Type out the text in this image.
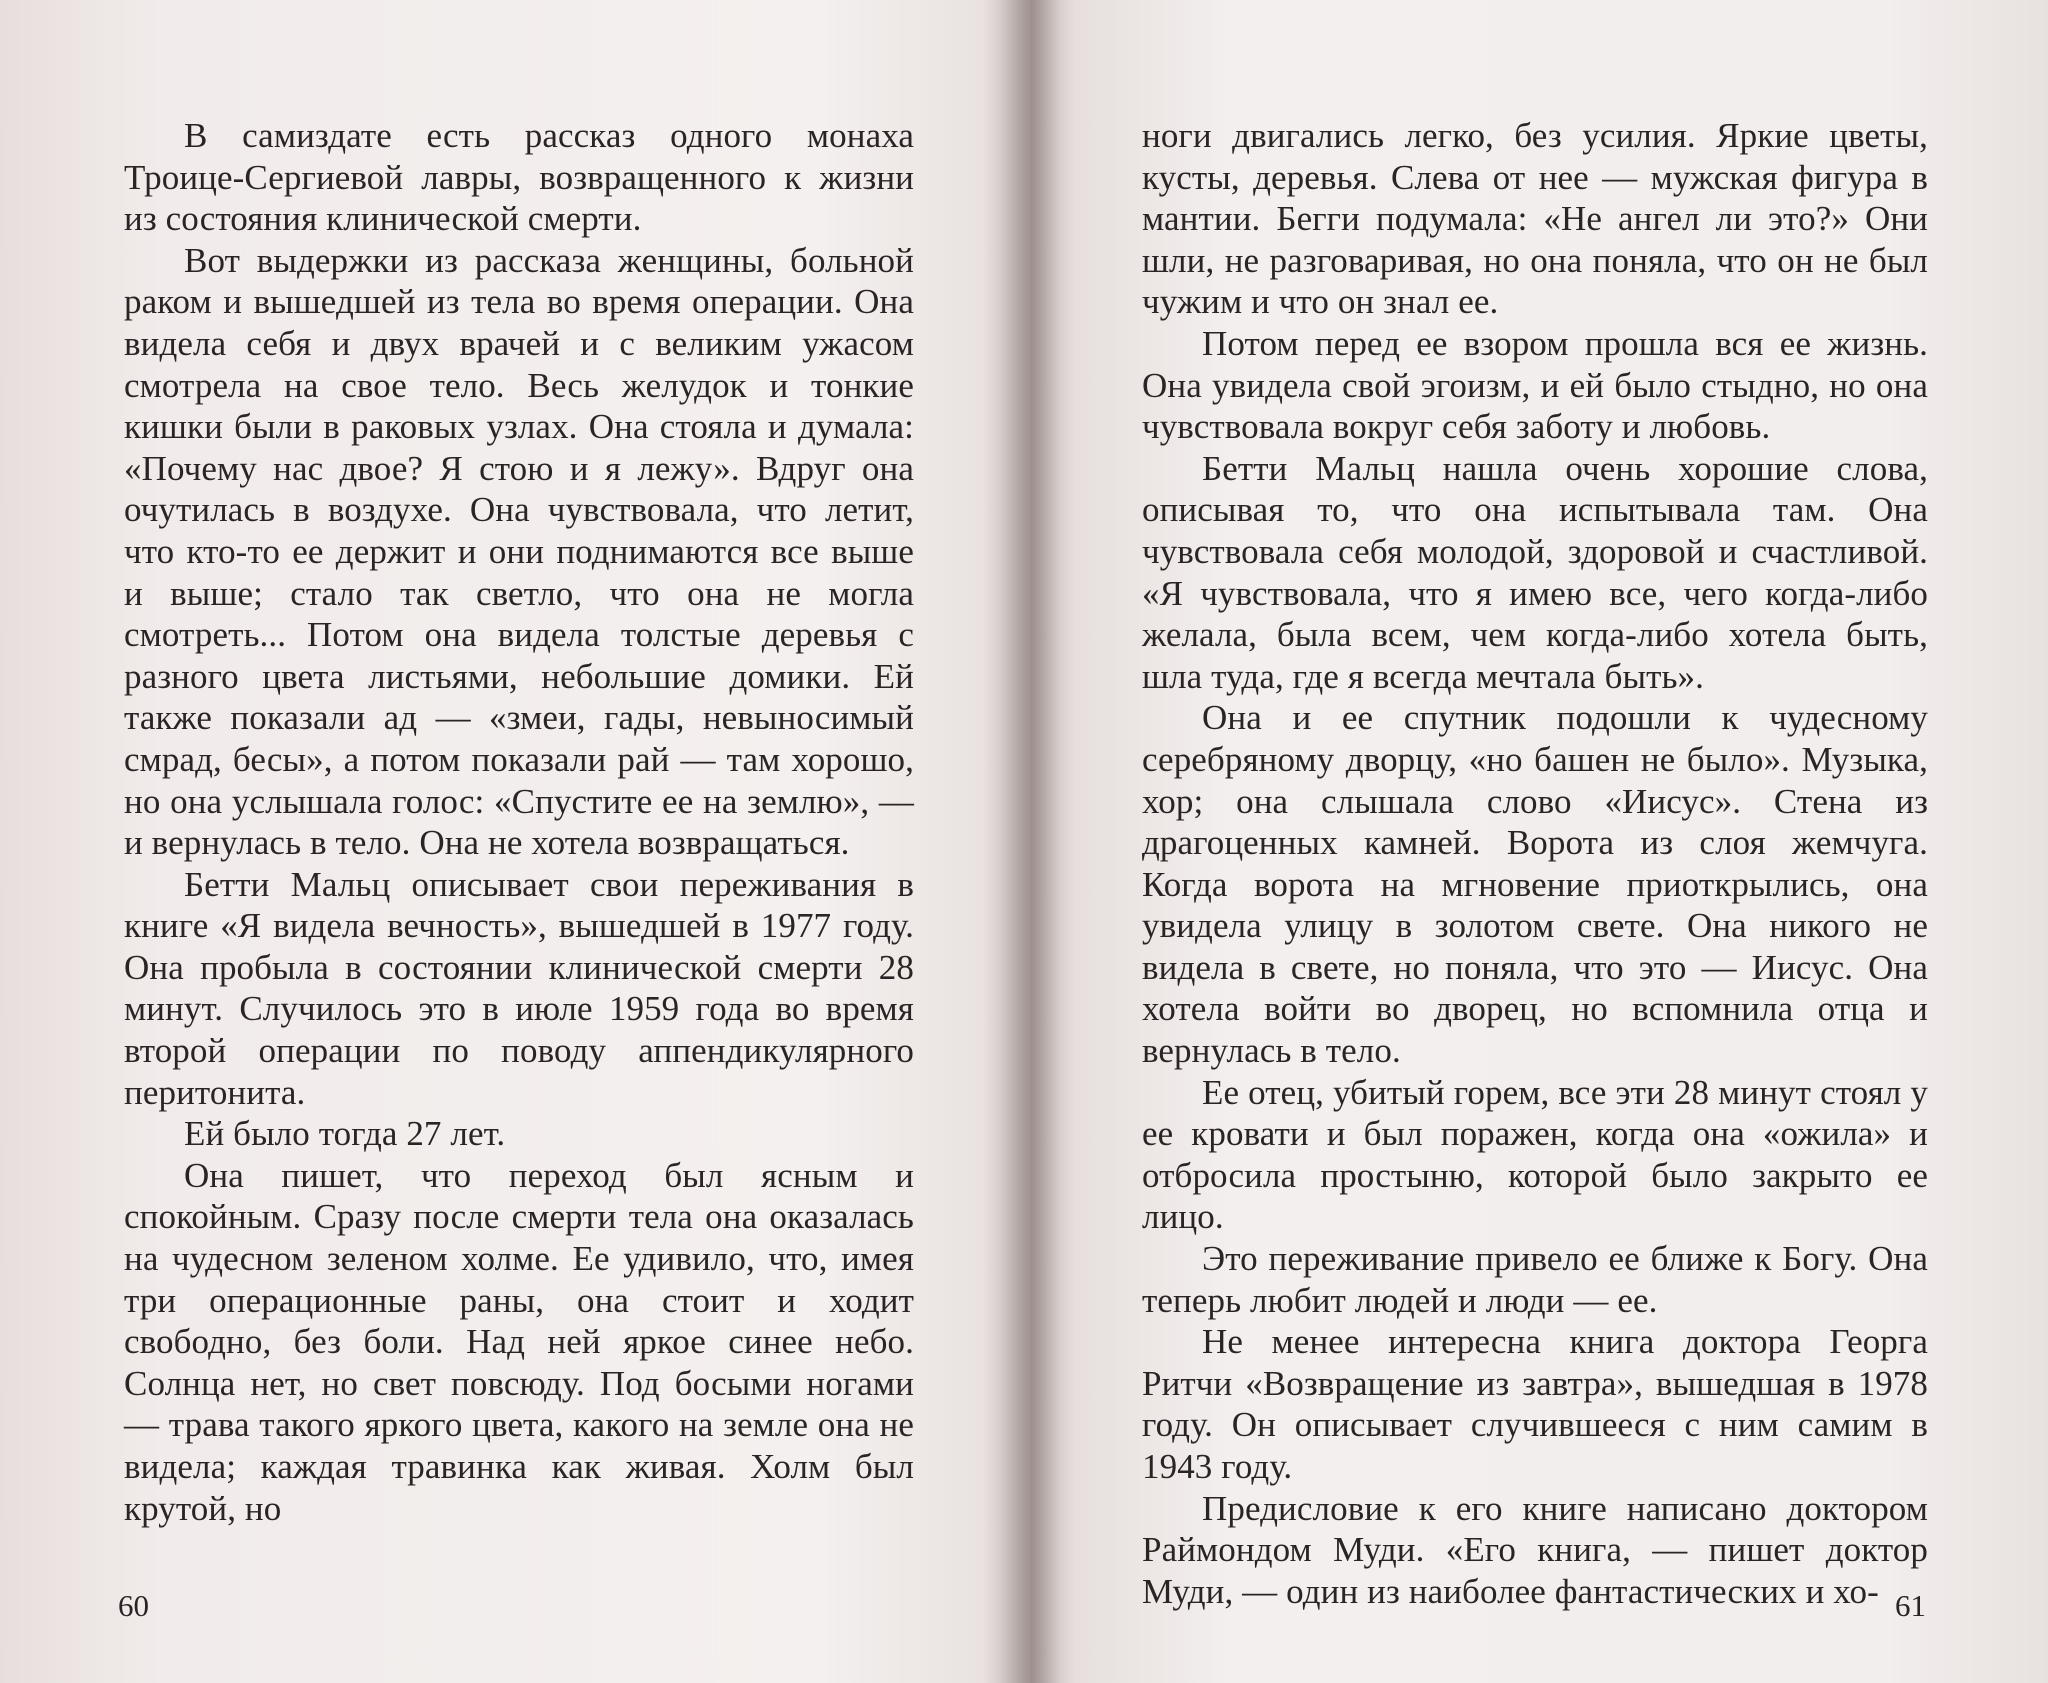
В самиздате есть рассказ одного монаха Троице-Сергиевой лавры, возвращенного к жизни из состояния клинической смерти.

Вот выдержки из рассказа женщины, больной раком и вышедшей из тела во время операции. Она видела себя и двух врачей и с великим ужасом смотрела на свое тело. Весь желудок и тонкие кишки были в раковых узлах. Она стояла и думала: «Почему нас двое? Я стою и я лежу». Вдруг она очутилась в воздухе. Она чувствовала, что летит, что кто-то ее держит и они поднимаются все выше и выше; стало так светло, что она не могла смотреть... Потом она видела толстые деревья с разного цвета листьями, небольшие домики. Ей также показали ад — «змеи, гады, невыносимый смрад, бесы», а потом показали рай — там хорошо, но она услышала голос: «Спустите ее на землю», — и вернулась в тело. Она не хотела возвращаться.

Бетти Мальц описывает свои переживания в книге «Я видела вечность», вышедшей в 1977 году. Она пробыла в состоянии клинической смерти 28 минут. Случилось это в июле 1959 года во время второй операции по поводу аппендикулярного перитонита.

Ей было тогда 27 лет.

Она пишет, что переход был ясным и спокойным. Сразу после смерти тела она оказалась на чудесном зеленом холме. Ее удивило, что, имея три операционные раны, она стоит и ходит свободно, без боли. Над ней яркое синее небо. Солнца нет, но свет повсюду. Под босыми ногами — трава такого яркого цвета, какого на земле она не видела; каждая травинка как живая. Холм был крутой, но

60

ноги двигались легко, без усилия. Яркие цветы, кусты, деревья. Слева от нее — мужская фигура в мантии. Бегги подумала: «Не ангел ли это?» Они шли, не разговаривая, но она поняла, что он не был чужим и что он знал ее.

Потом перед ее взором прошла вся ее жизнь. Она увидела свой эгоизм, и ей было стыдно, но она чувствовала вокруг себя заботу и любовь.

Бетти Мальц нашла очень хорошие слова, описывая то, что она испытывала там. Она чувствовала себя молодой, здоровой и счастливой. «Я чувствовала, что я имею все, чего когда-либо желала, была всем, чем когда-либо хотела быть, шла туда, где я всегда мечтала быть».

Она и ее спутник подошли к чудесному серебряному дворцу, «но башен не было». Музыка, хор; она слышала слово «Иисус». Стена из драгоценных камней. Ворота из слоя жемчуга. Когда ворота на мгновение приоткрылись, она увидела улицу в золотом свете. Она никого не видела в свете, но поняла, что это — Иисус. Она хотела войти во дворец, но вспомнила отца и вернулась в тело.

Ее отец, убитый горем, все эти 28 минут стоял у ее кровати и был поражен, когда она «ожила» и отбросила простыню, которой было закрыто ее лицо.

Это переживание привело ее ближе к Богу. Она теперь любит людей и люди — ее.

Не менее интересна книга доктора Георга Ритчи «Возвращение из завтра», вышедшая в 1978 году. Он описывает случившееся с ним самим в 1943 году.

Предисловие к его книге написано доктором Раймондом Муди. «Его книга, — пишет доктор Муди, — один из наиболее фантастических и хо- 61
